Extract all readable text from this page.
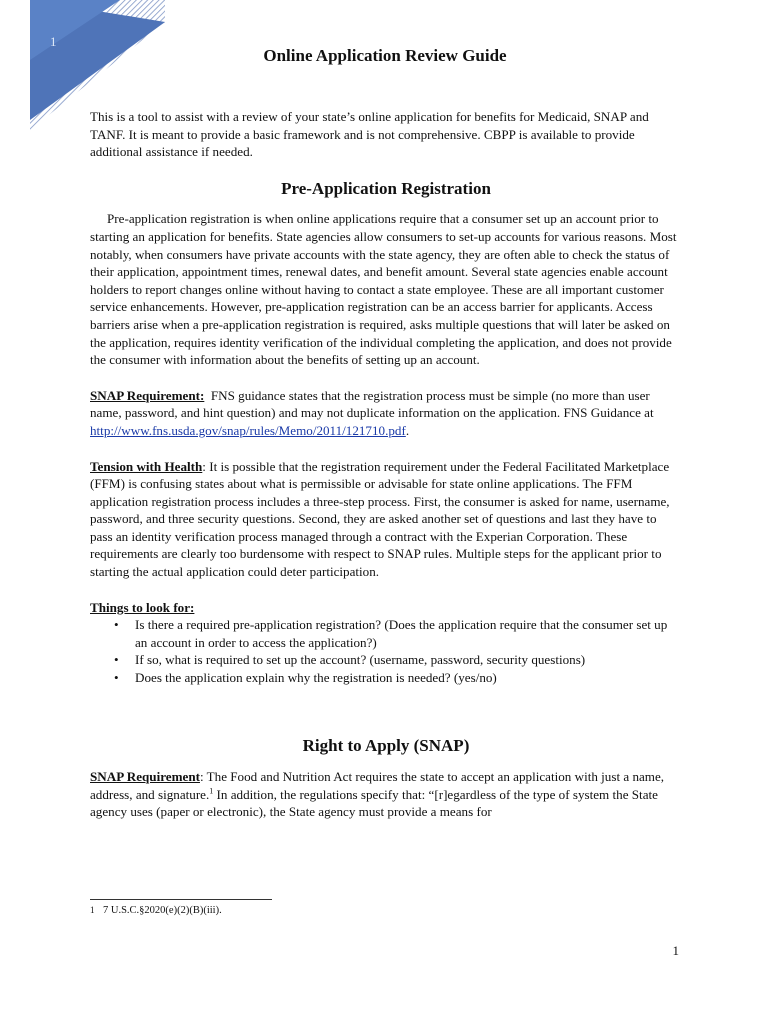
1
Online Application Review Guide

This is a tool to assist with a review of your state’s online application for benefits for Medicaid, SNAP and TANF. It is meant to provide a basic framework and is not comprehensive. CBPP is available to provide additional assistance if needed.

Pre-Application Registration

Pre-application registration is when online applications require that a consumer set up an account prior to starting an application for benefits. State agencies allow consumers to set-up accounts for various reasons. Most notably, when consumers have private accounts with the state agency, they are often able to check the status of their application, appointment times, renewal dates, and benefit amount. Several state agencies enable account holders to report changes online without having to contact a state employee. These are all important customer service enhancements. However, pre-application registration can be an access barrier for applicants. Access barriers arise when a pre-application registration is required, asks multiple questions that will later be asked on the application, requires identity verification of the individual completing the application, and does not provide the consumer with information about the benefits of setting up an account.

SNAP Requirement: FNS guidance states that the registration process must be simple (no more than user name, password, and hint question) and may not duplicate information on the application. FNS Guidance at http://www.fns.usda.gov/snap/rules/Memo/2011/121710.pdf.

Tension with Health: It is possible that the registration requirement under the Federal Facilitated Marketplace (FFM) is confusing states about what is permissible or advisable for state online applications. The FFM application registration process includes a three-step process. First, the consumer is asked for name, username, password, and three security questions. Second, they are asked another set of questions and last they have to pass an identity verification process managed through a contract with the Experian Corporation. These requirements are clearly too burdensome with respect to SNAP rules. Multiple steps for the applicant prior to starting the actual application could deter participation.

Things to look for:

• Is there a required pre-application registration? (Does the application require that the consumer set up an account in order to access the application?)
• If so, what is required to set up the account? (username, password, security questions)
• Does the application explain why the registration is needed? (yes/no)
Right to Apply (SNAP)

SNAP Requirement: The Food and Nutrition Act requires the state to accept an application with just a name, address, and signature.$^1$ In addition, the regulations specify that: “[r]egardless of the type of system the State agency uses (paper or electronic), the State agency must provide a means for

1 7 U.S.C.§2020(e)(2)(B)(iii).
1
